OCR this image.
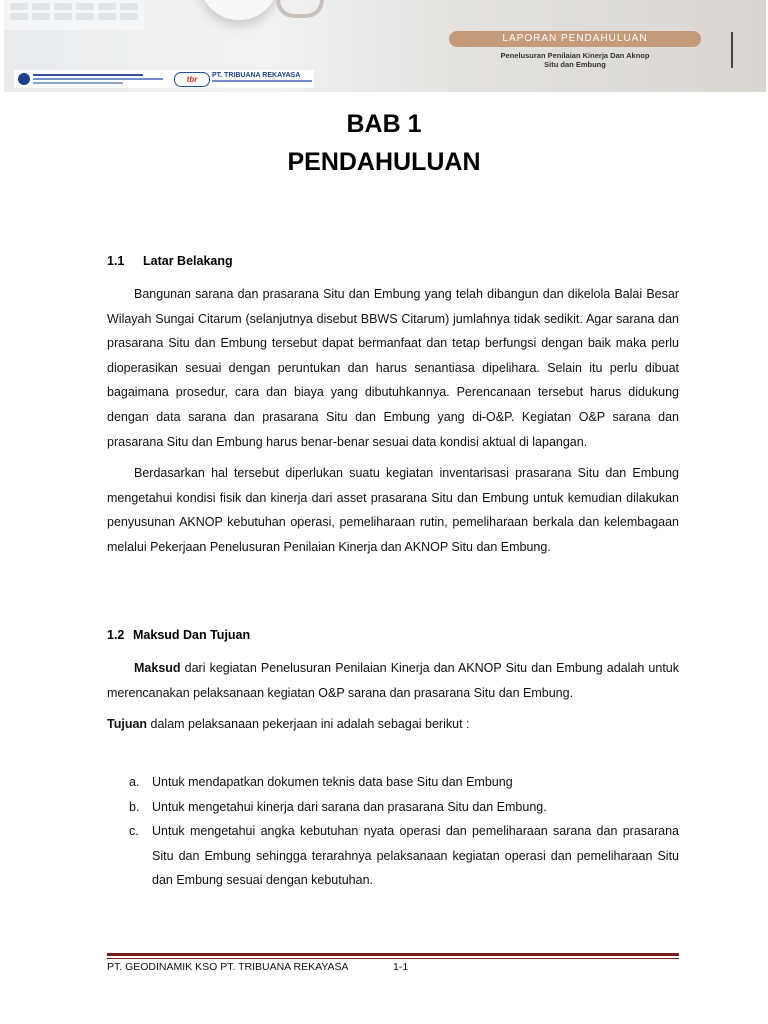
LAPORAN PENDAHULUAN
Penelusuran Penilaian Kinerja Dan Aknop
Situ dan Embung
tbr	PT. TRIBUANA REKAYASA
BAB 1
PENDAHULUAN
1.1 Latar Belakang

Bangunan sarana dan prasarana Situ dan Embung yang telah dibangun dan dikelola Balai Besar Wilayah Sungai Citarum (selanjutnya disebut BBWS Citarum) jumlahnya tidak sedikit. Agar sarana dan prasarana Situ dan Embung tersebut dapat bermanfaat dan tetap berfungsi dengan baik maka perlu dioperasikan sesuai dengan peruntukan dan harus senantiasa dipelihara. Selain itu perlu dibuat bagaimana prosedur, cara dan biaya yang dibutuhkannya. Perencanaan tersebut harus didukung dengan data sarana dan prasarana Situ dan Embung yang di-O&P. Kegiatan O&P sarana dan prasarana Situ dan Embung harus benar-benar sesuai data kondisi aktual di lapangan.

Berdasarkan hal tersebut diperlukan suatu kegiatan inventarisasi prasarana Situ dan Embung mengetahui kondisi fisik dan kinerja dari asset prasarana Situ dan Embung untuk kemudian dilakukan penyusunan AKNOP kebutuhan operasi, pemeliharaan rutin, pemeliharaan berkala dan kelembagaan melalui Pekerjaan Penelusuran Penilaian Kinerja dan AKNOP Situ dan Embung.

1.2 Maksud Dan Tujuan

Maksud dari kegiatan Penelusuran Penilaian Kinerja dan AKNOP Situ dan Embung adalah untuk merencanakan pelaksanaan kegiatan O&P sarana dan prasarana Situ dan Embung.

Tujuan dalam pelaksanaan pekerjaan ini adalah sebagai berikut :

a. Untuk mendapatkan dokumen teknis data base Situ dan Embung
b. Untuk mengetahui kinerja dari sarana dan prasarana Situ dan Embung.
c. Untuk mengetahui angka kebutuhan nyata operasi dan pemeliharaan sarana dan prasarana Situ dan Embung sehingga terarahnya pelaksanaan kegiatan operasi dan pemeliharaan Situ dan Embung sesuai dengan kebutuhan.
PT. GEODINAMIK KSO PT. TRIBUANA REKAYASA	1-1
